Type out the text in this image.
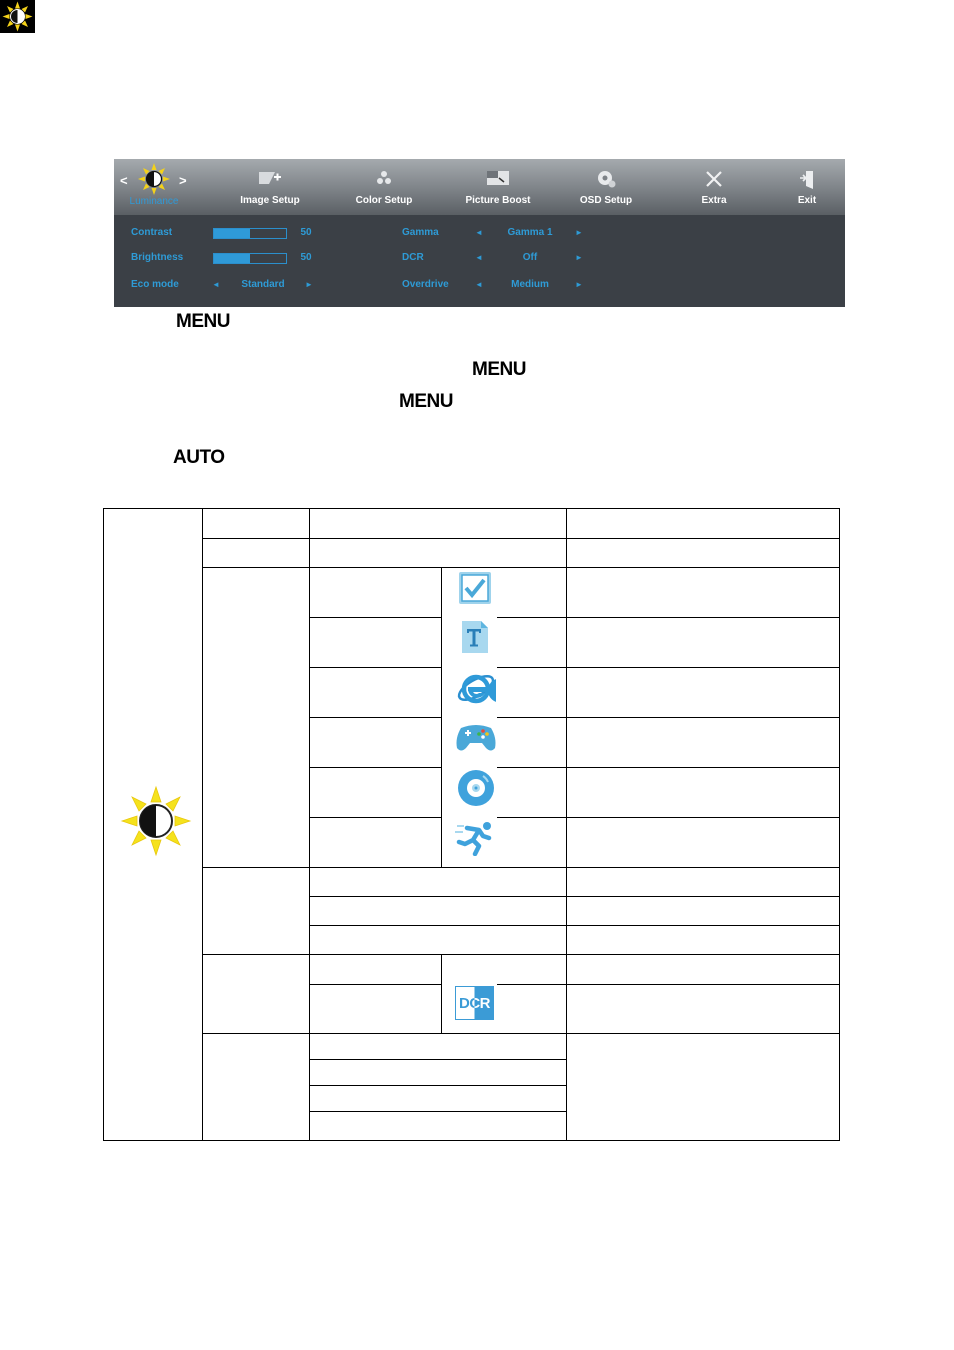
<	>
Luminance	Image Setup	Color Setup	Picture Boost	OSD Setup	Extra	Exit
Contrast	50
Brightness	50
Eco mode	◄	Standard	►
Gamma	◄	Gamma 1	►
DCR	◄	Off	►
Overdrive	◄	Medium	►
MENU
MENU
MENU
AUTO
DCR
